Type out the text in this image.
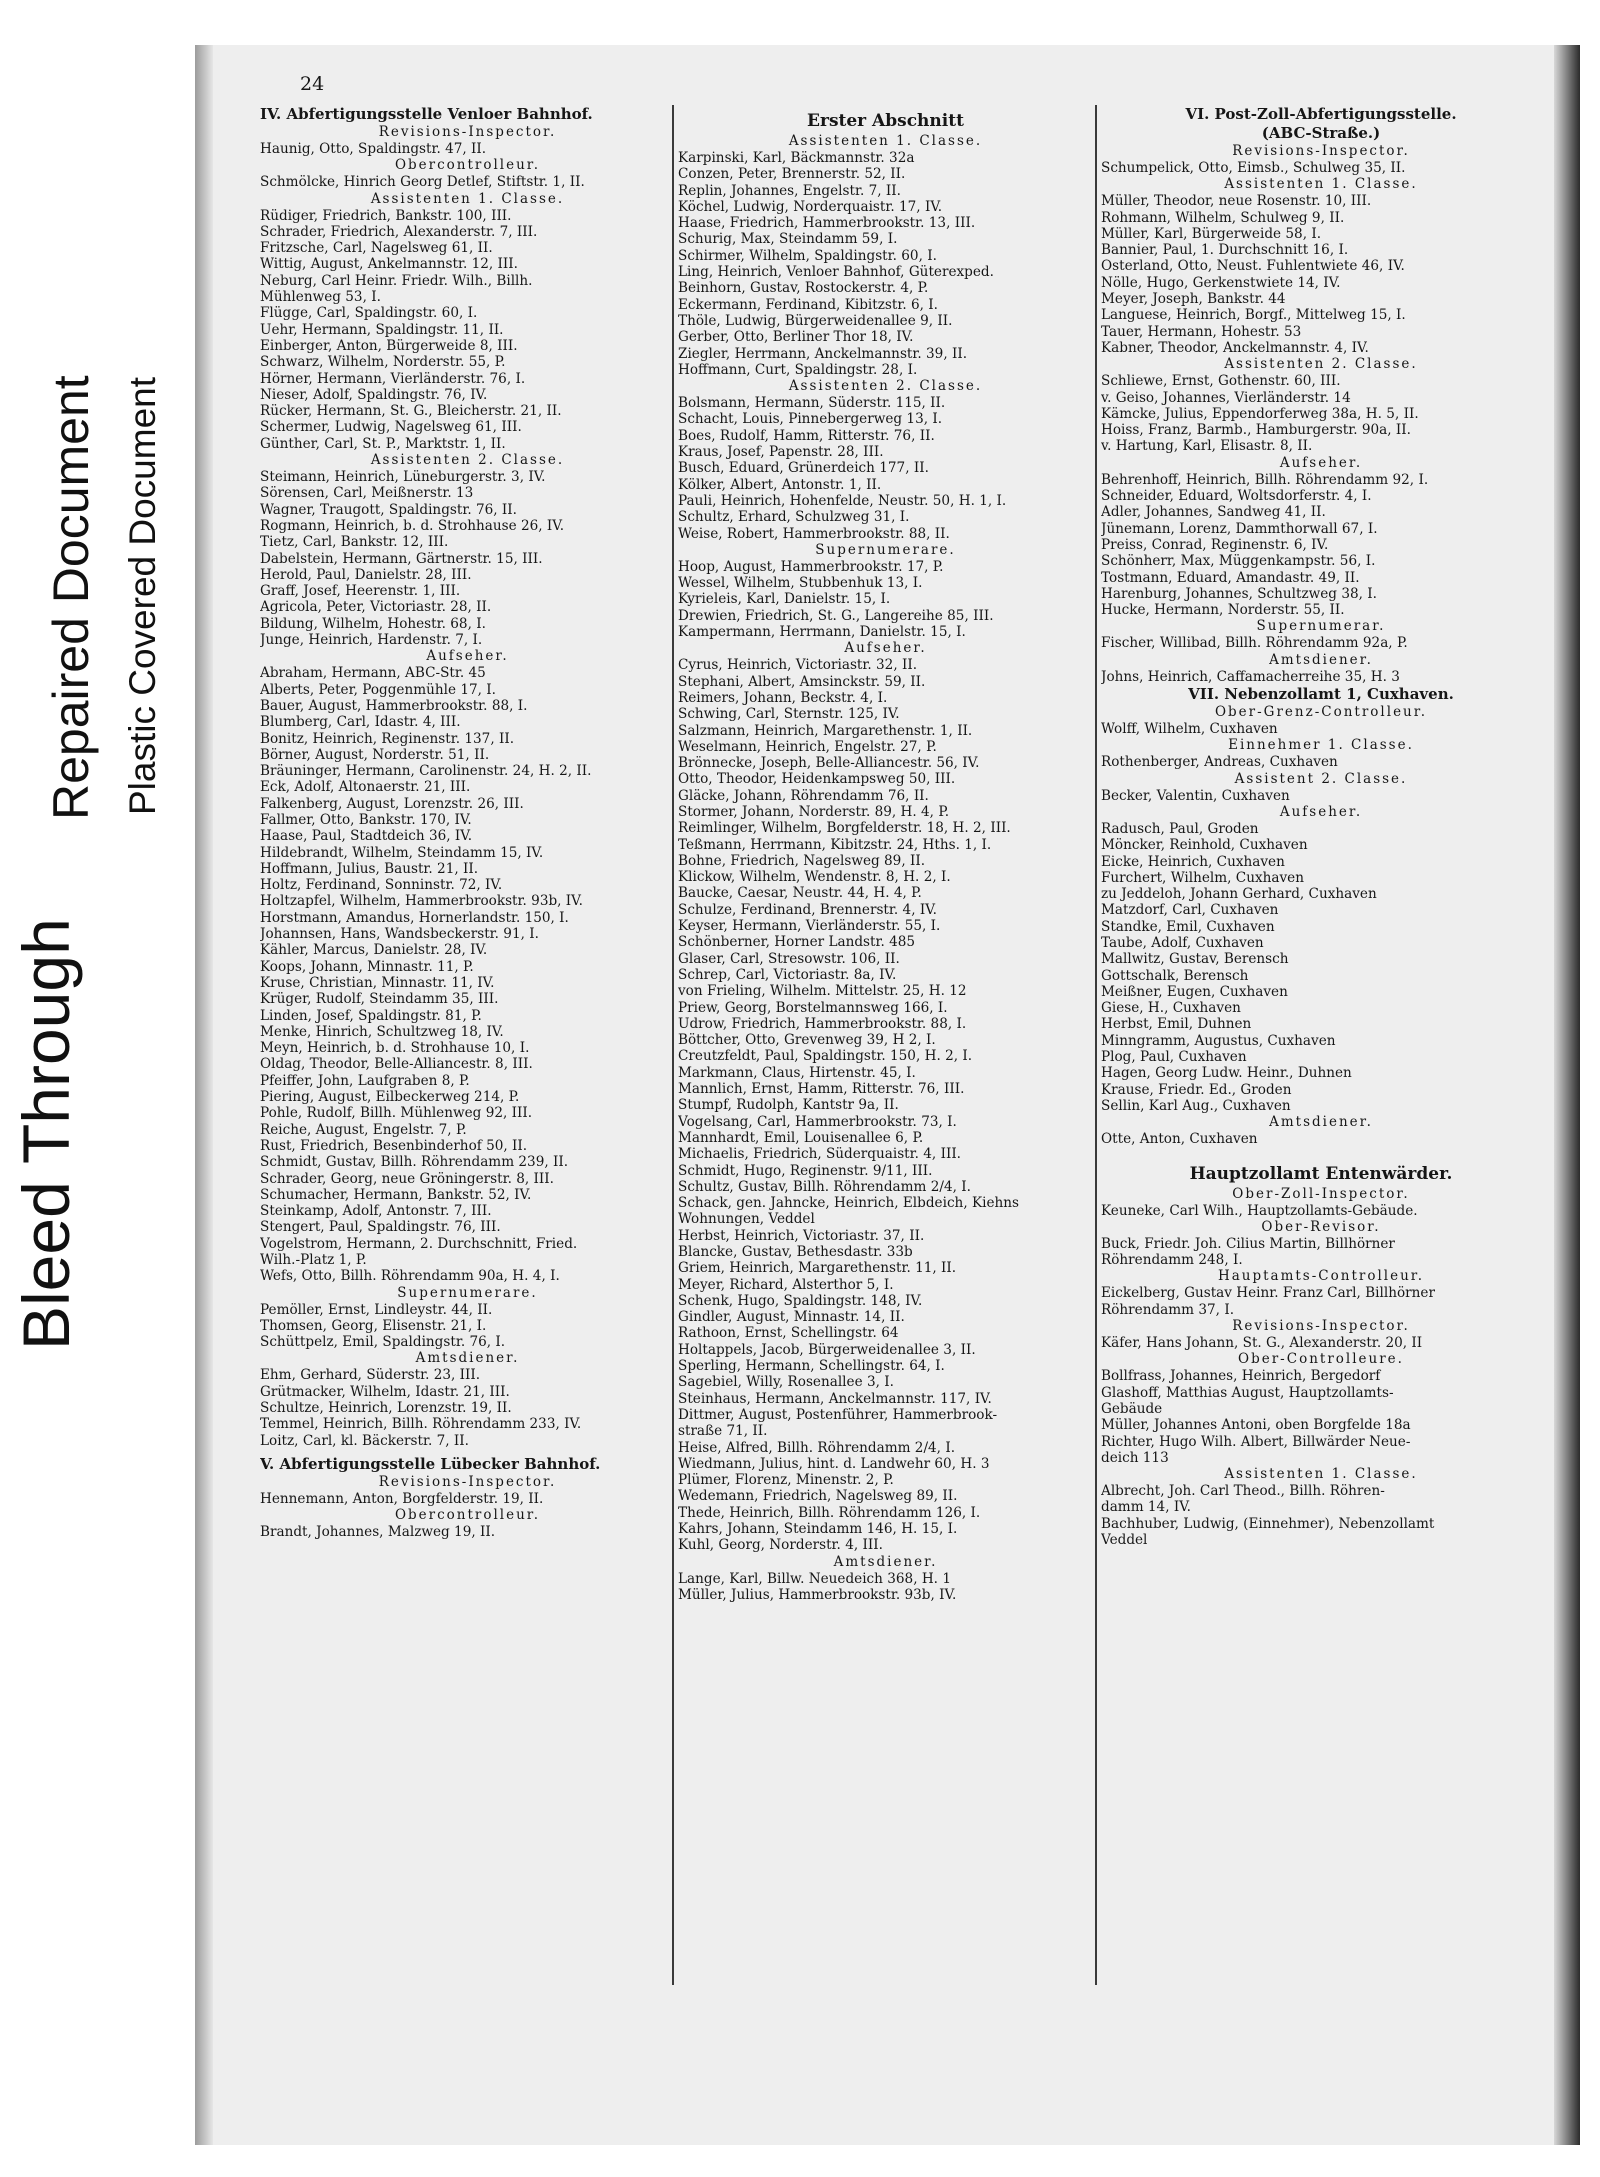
Bleed Through
Repaired Document Plastic Covered Document
24
IV. Abfertigungsstelle Venloer Bahnhof.
Revisions-Inspector.
Haunig, Otto, Spaldingstr. 47, II.
Obercontrolleur.
Schmölcke, Hinrich Georg Detlef, Stiftstr. 1, II.
Assistenten 1. Classe.
Rüdiger, Friedrich, Bankstr. 100, III.
Schrader, Friedrich, Alexanderstr. 7, III.
Fritzsche, Carl, Nagelsweg 61, II.
Wittig, August, Ankelmannstr. 12, III.
Neburg, Carl Heinr. Friedr. Wilh., Billh.
Mühlenweg 53, I.
Flügge, Carl, Spaldingstr. 60, I.
Uehr, Hermann, Spaldingstr. 11, II.
Einberger, Anton, Bürgerweide 8, III.
Schwarz, Wilhelm, Norderstr. 55, P.
Hörner, Hermann, Vierländerstr. 76, I.
Nieser, Adolf, Spaldingstr. 76, IV.
Rücker, Hermann, St. G., Bleicherstr. 21, II.
Schermer, Ludwig, Nagelsweg 61, III.
Günther, Carl, St. P., Marktstr. 1, II.
Assistenten 2. Classe.
Steimann, Heinrich, Lüneburgerstr. 3, IV.
Sörensen, Carl, Meißnerstr. 13
Wagner, Traugott, Spaldingstr. 76, II.
Rogmann, Heinrich, b. d. Strohhause 26, IV.
Tietz, Carl, Bankstr. 12, III.
Dabelstein, Hermann, Gärtnerstr. 15, III.
Herold, Paul, Danielstr. 28, III.
Graff, Josef, Heerenstr. 1, III.
Agricola, Peter, Victoriastr. 28, II.
Bildung, Wilhelm, Hohestr. 68, I.
Junge, Heinrich, Hardenstr. 7, I.
Aufseher.
Abraham, Hermann, ABC-Str. 45
Alberts, Peter, Poggenmühle 17, I.
Bauer, August, Hammerbrookstr. 88, I.
Blumberg, Carl, Idastr. 4, III.
Bonitz, Heinrich, Reginenstr. 137, II.
Börner, August, Norderstr. 51, II.
Bräuninger, Hermann, Carolinenstr. 24, H. 2, II.
Eck, Adolf, Altonaerstr. 21, III.
Falkenberg, August, Lorenzstr. 26, III.
Fallmer, Otto, Bankstr. 170, IV.
Haase, Paul, Stadtdeich 36, IV.
Hildebrandt, Wilhelm, Steindamm 15, IV.
Hoffmann, Julius, Baustr. 21, II.
Holtz, Ferdinand, Sonninstr. 72, IV.
Holtzapfel, Wilhelm, Hammerbrookstr. 93b, IV.
Horstmann, Amandus, Hornerlandstr. 150, I.
Johannsen, Hans, Wandsbeckerstr. 91, I.
Kähler, Marcus, Danielstr. 28, IV.
Koops, Johann, Minnastr. 11, P.
Kruse, Christian, Minnastr. 11, IV.
Krüger, Rudolf, Steindamm 35, III.
Linden, Josef, Spaldingstr. 81, P.
Menke, Hinrich, Schultzweg 18, IV.
Meyn, Heinrich, b. d. Strohhause 10, I.
Oldag, Theodor, Belle-Alliancestr. 8, III.
Pfeiffer, John, Laufgraben 8, P.
Piering, August, Eilbeckerweg 214, P.
Pohle, Rudolf, Billh. Mühlenweg 92, III.
Reiche, August, Engelstr. 7, P.
Rust, Friedrich, Besenbinderhof 50, II.
Schmidt, Gustav, Billh. Röhrendamm 239, II.
Schrader, Georg, neue Gröningerstr. 8, III.
Schumacher, Hermann, Bankstr. 52, IV.
Steinkamp, Adolf, Antonstr. 7, III.
Stengert, Paul, Spaldingstr. 76, III.
Vogelstrom, Hermann, 2. Durchschnitt, Fried.
Wilh.-Platz 1, P.
Wefs, Otto, Billh. Röhrendamm 90a, H. 4, I.
Supernumerare.
Pemöller, Ernst, Lindleystr. 44, II.
Thomsen, Georg, Elisenstr. 21, I.
Schüttpelz, Emil, Spaldingstr. 76, I.
Amtsdiener.
Ehm, Gerhard, Süderstr. 23, III.
Grütmacker, Wilhelm, Idastr. 21, III.
Schultze, Heinrich, Lorenzstr. 19, II.
Temmel, Heinrich, Billh. Röhrendamm 233, IV.
Loitz, Carl, kl. Bäckerstr. 7, II.
V. Abfertigungsstelle Lübecker Bahnhof.
Revisions-Inspector.
Hennemann, Anton, Borgfelderstr. 19, II.
Obercontrolleur.
Brandt, Johannes, Malzweg 19, II.
Erster Abschnitt
Assistenten 1. Classe.
Karpinski, Karl, Bäckmannstr. 32a
Conzen, Peter, Brennerstr. 52, II.
Replin, Johannes, Engelstr. 7, II.
Köchel, Ludwig, Norderquaistr. 17, IV.
Haase, Friedrich, Hammerbrookstr. 13, III.
Schurig, Max, Steindamm 59, I.
Schirmer, Wilhelm, Spaldingstr. 60, I.
Ling, Heinrich, Venloer Bahnhof, Güterexped.
Beinhorn, Gustav, Rostockerstr. 4, P.
Eckermann, Ferdinand, Kibitzstr. 6, I.
Thöle, Ludwig, Bürgerweidenallee 9, II.
Gerber, Otto, Berliner Thor 18, IV.
Ziegler, Herrmann, Anckelmannstr. 39, II.
Hoffmann, Curt, Spaldingstr. 28, I.
Assistenten 2. Classe.
Bolsmann, Hermann, Süderstr. 115, II.
Schacht, Louis, Pinnebergerweg 13, I.
Boes, Rudolf, Hamm, Ritterstr. 76, II.
Kraus, Josef, Papenstr. 28, III.
Busch, Eduard, Grünerdeich 177, II.
Kölker, Albert, Antonstr. 1, II.
Pauli, Heinrich, Hohenfelde, Neustr. 50, H. 1, I.
Schultz, Erhard, Schulzweg 31, I.
Weise, Robert, Hammerbrookstr. 88, II.
Supernumerare.
Hoop, August, Hammerbrookstr. 17, P.
Wessel, Wilhelm, Stubbenhuk 13, I.
Kyrieleis, Karl, Danielstr. 15, I.
Drewien, Friedrich, St. G., Langereihe 85, III.
Kampermann, Herrmann, Danielstr. 15, I.
Aufseher.
Cyrus, Heinrich, Victoriastr. 32, II.
Stephani, Albert, Amsinckstr. 59, II.
Reimers, Johann, Beckstr. 4, I.
Schwing, Carl, Sternstr. 125, IV.
Salzmann, Heinrich, Margarethenstr. 1, II.
Weselmann, Heinrich, Engelstr. 27, P.
Brönnecke, Joseph, Belle-Alliancestr. 56, IV.
Otto, Theodor, Heidenkampsweg 50, III.
Gläcke, Johann, Röhrendamm 76, II.
Stormer, Johann, Norderstr. 89, H. 4, P.
Reimlinger, Wilhelm, Borgfelderstr. 18, H. 2, III.
Teßmann, Herrmann, Kibitzstr. 24, Hths. 1, I.
Bohne, Friedrich, Nagelsweg 89, II.
Klickow, Wilhelm, Wendenstr. 8, H. 2, I.
Baucke, Caesar, Neustr. 44, H. 4, P.
Schulze, Ferdinand, Brennerstr. 4, IV.
Keyser, Hermann, Vierländerstr. 55, I.
Schönberner, Horner Landstr. 485
Glaser, Carl, Stresowstr. 106, II.
Schrep, Carl, Victoriastr. 8a, IV.
von Frieling, Wilhelm. Mittelstr. 25, H. 12
Priew, Georg, Borstelmannsweg 166, I.
Udrow, Friedrich, Hammerbrookstr. 88, I.
Böttcher, Otto, Grevenweg 39, H 2, I.
Creutzfeldt, Paul, Spaldingstr. 150, H. 2, I.
Markmann, Claus, Hirtenstr. 45, I.
Mannlich, Ernst, Hamm, Ritterstr. 76, III.
Stumpf, Rudolph, Kantstr 9a, II.
Vogelsang, Carl, Hammerbrookstr. 73, I.
Mannhardt, Emil, Louisenallee 6, P.
Michaelis, Friedrich, Süderquaistr. 4, III.
Schmidt, Hugo, Reginenstr. 9/11, III.
Schultz, Gustav, Billh. Röhrendamm 2/4, I.
Schack, gen. Jahncke, Heinrich, Elbdeich, Kiehns
Wohnungen, Veddel
Herbst, Heinrich, Victoriastr. 37, II.
Blancke, Gustav, Bethesdastr. 33b
Griem, Heinrich, Margarethenstr. 11, II.
Meyer, Richard, Alsterthor 5, I.
Schenk, Hugo, Spaldingstr. 148, IV.
Gindler, August, Minnastr. 14, II.
Rathoon, Ernst, Schellingstr. 64
Holtappels, Jacob, Bürgerweidenallee 3, II.
Sperling, Hermann, Schellingstr. 64, I.
Sagebiel, Willy, Rosenallee 3, I.
Steinhaus, Hermann, Anckelmannstr. 117, IV.
Dittmer, August, Postenführer, Hammerbrook-
straße 71, II.
Heise, Alfred, Billh. Röhrendamm 2/4, I.
Wiedmann, Julius, hint. d. Landwehr 60, H. 3
Plümer, Florenz, Minenstr. 2, P.
Wedemann, Friedrich, Nagelsweg 89, II.
Thede, Heinrich, Billh. Röhrendamm 126, I.
Kahrs, Johann, Steindamm 146, H. 15, I.
Kuhl, Georg, Norderstr. 4, III.
Amtsdiener.
Lange, Karl, Billw. Neuedeich 368, H. 1
Müller, Julius, Hammerbrookstr. 93b, IV.
VI. Post-Zoll-Abfertigungsstelle.
(ABC-Straße.)
Revisions-Inspector.
Schumpelick, Otto, Eimsb., Schulweg 35, II.
Assistenten 1. Classe.
Müller, Theodor, neue Rosenstr. 10, III.
Rohmann, Wilhelm, Schulweg 9, II.
Müller, Karl, Bürgerweide 58, I.
Bannier, Paul, 1. Durchschnitt 16, I.
Osterland, Otto, Neust. Fuhlentwiete 46, IV.
Nölle, Hugo, Gerkenstwiete 14, IV.
Meyer, Joseph, Bankstr. 44
Languese, Heinrich, Borgf., Mittelweg 15, I.
Tauer, Hermann, Hohestr. 53
Kabner, Theodor, Anckelmannstr. 4, IV.
Assistenten 2. Classe.
Schliewe, Ernst, Gothenstr. 60, III.
v. Geiso, Johannes, Vierländerstr. 14
Kämcke, Julius, Eppendorferweg 38a, H. 5, II.
Hoiss, Franz, Barmb., Hamburgerstr. 90a, II.
v. Hartung, Karl, Elisastr. 8, II.
Aufseher.
Behrenhoff, Heinrich, Billh. Röhrendamm 92, I.
Schneider, Eduard, Woltsdorferstr. 4, I.
Adler, Johannes, Sandweg 41, II.
Jünemann, Lorenz, Dammthorwall 67, I.
Preiss, Conrad, Reginenstr. 6, IV.
Schönherr, Max, Müggenkampstr. 56, I.
Tostmann, Eduard, Amandastr. 49, II.
Harenburg, Johannes, Schultzweg 38, I.
Hucke, Hermann, Norderstr. 55, II.
Supernumerar.
Fischer, Willibad, Billh. Röhrendamm 92a, P.
Amtsdiener.
Johns, Heinrich, Caffamacherreihe 35, H. 3
VII. Nebenzollamt 1, Cuxhaven.
Ober-Grenz-Controlleur.
Wolff, Wilhelm, Cuxhaven
Einnehmer 1. Classe.
Rothenberger, Andreas, Cuxhaven
Assistent 2. Classe.
Becker, Valentin, Cuxhaven
Aufseher.
Radusch, Paul, Groden
Möncker, Reinhold, Cuxhaven
Eicke, Heinrich, Cuxhaven
Furchert, Wilhelm, Cuxhaven
zu Jeddeloh, Johann Gerhard, Cuxhaven
Matzdorf, Carl, Cuxhaven
Standke, Emil, Cuxhaven
Taube, Adolf, Cuxhaven
Mallwitz, Gustav, Berensch
Gottschalk, Berensch
Meißner, Eugen, Cuxhaven
Giese, H., Cuxhaven
Herbst, Emil, Duhnen
Minngramm, Augustus, Cuxhaven
Plog, Paul, Cuxhaven
Hagen, Georg Ludw. Heinr., Duhnen
Krause, Friedr. Ed., Groden
Sellin, Karl Aug., Cuxhaven
Amtsdiener.
Otte, Anton, Cuxhaven
Hauptzollamt Entenwärder.
Ober-Zoll-Inspector.
Keuneke, Carl Wilh., Hauptzollamts-Gebäude.
Ober-Revisor.
Buck, Friedr. Joh. Cilius Martin, Billhörner
Röhrendamm 248, I.
Hauptamts-Controlleur.
Eickelberg, Gustav Heinr. Franz Carl, Billhörner
Röhrendamm 37, I.
Revisions-Inspector.
Käfer, Hans Johann, St. G., Alexanderstr. 20, II
Ober-Controlleure.
Bollfrass, Johannes, Heinrich, Bergedorf
Glashoff, Matthias August, Hauptzollamts-
Gebäude
Müller, Johannes Antoni, oben Borgfelde 18a
Richter, Hugo Wilh. Albert, Billwärder Neue-
deich 113
Assistenten 1. Classe.
Albrecht, Joh. Carl Theod., Billh. Röhren-
damm 14, IV.
Bachhuber, Ludwig, (Einnehmer), Nebenzollamt
Veddel
